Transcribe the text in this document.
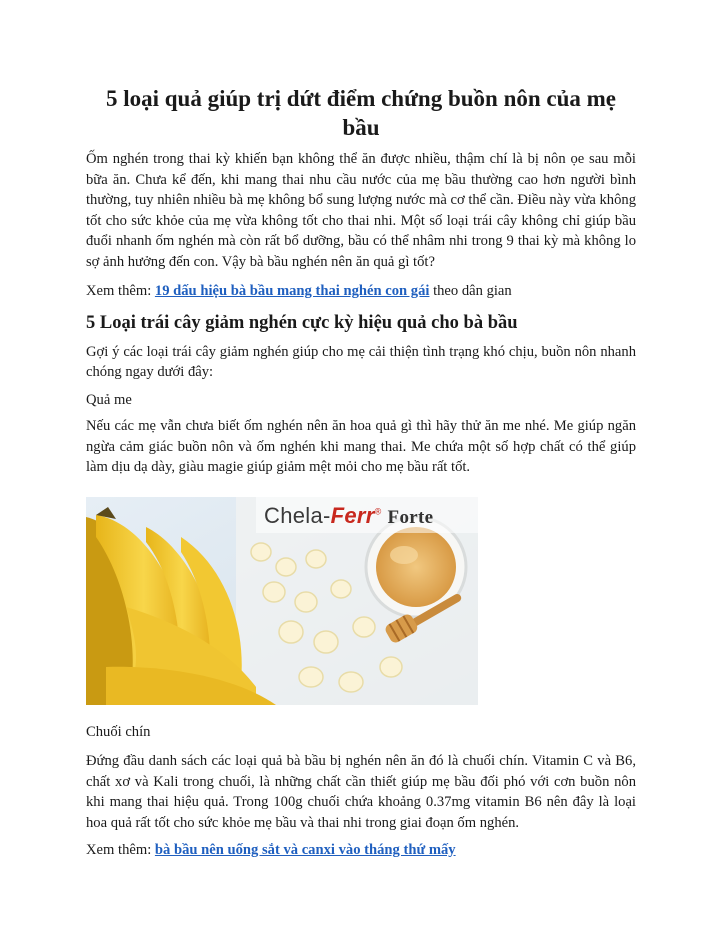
5 loại quả giúp trị dứt điểm chứng buồn nôn của mẹ bầu

Ốm nghén trong thai kỳ khiến bạn không thể ăn được nhiều, thậm chí là bị nôn ọe sau mỗi bữa ăn. Chưa kể đến, khi mang thai nhu cầu nước của mẹ bầu thường cao hơn người bình thường, tuy nhiên nhiều bà mẹ không bổ sung lượng nước mà cơ thể cần. Điều này vừa không tốt cho sức khỏe của mẹ vừa không tốt cho thai nhi. Một số loại trái cây không chỉ giúp bầu đuổi nhanh ốm nghén mà còn rất bổ dưỡng, bầu có thể nhâm nhi trong 9 thai kỳ mà không lo sợ ảnh hưởng đến con. Vậy bà bầu nghén nên ăn quả gì tốt?

Xem thêm: 19 dấu hiệu bà bầu mang thai nghén con gái theo dân gian

5 Loại trái cây giảm nghén cực kỳ hiệu quả cho bà bầu

Gợi ý các loại trái cây giảm nghén giúp cho mẹ cải thiện tình trạng khó chịu, buồn nôn nhanh chóng ngay dưới đây:

Quả me

Nếu các mẹ vẫn chưa biết ốm nghén nên ăn hoa quả gì thì hãy thử ăn me nhé. Me giúp ngăn ngừa cảm giác buồn nôn và ốm nghén khi mang thai. Me chứa một số hợp chất có thể giúp làm dịu dạ dày, giàu magie giúp giảm mệt mỏi cho mẹ bầu rất tốt.

Chela-Ferr® Forte

Chuối chín

Đứng đầu danh sách các loại quả bà bầu bị nghén nên ăn đó là chuối chín. Vitamin C và B6, chất xơ và Kali trong chuối, là những chất cần thiết giúp mẹ bầu đối phó với cơn buồn nôn khi mang thai hiệu quả. Trong 100g chuối chứa khoảng 0.37mg vitamin B6 nên đây là loại hoa quả rất tốt cho sức khỏe mẹ bầu và thai nhi trong giai đoạn ốm nghén.

Xem thêm: bà bầu nên uống sắt và canxi vào tháng thứ mấy
